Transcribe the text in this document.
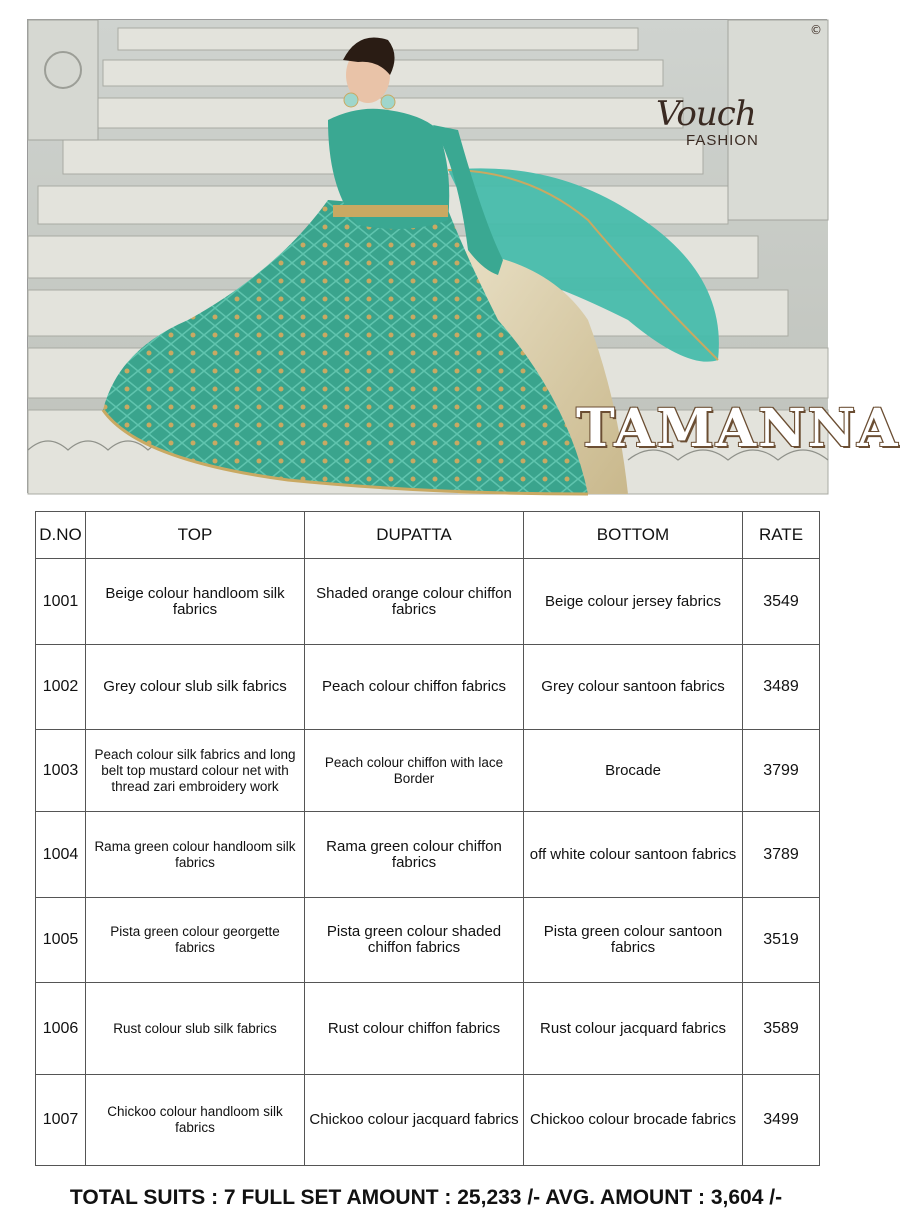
Vouch
FASHION
©
TAMANNA
D.NO	TOP	DUPATTA	BOTTOM	RATE
1001	Beige colour handloom silk fabrics	Shaded orange colour chiffon fabrics	Beige colour jersey fabrics	3549
1002	Grey colour slub silk fabrics	Peach colour chiffon fabrics	Grey colour santoon fabrics	3489
1003	Peach colour silk fabrics and long belt top mustard colour net with thread zari embroidery work	Peach colour chiffon with lace Border	Brocade	3799
1004	Rama green colour handloom silk fabrics	Rama green colour chiffon fabrics	off white colour santoon fabrics	3789
1005	Pista green colour georgette fabrics	Pista green colour shaded chiffon fabrics	Pista green colour santoon fabrics	3519
1006	Rust colour slub silk fabrics	Rust colour chiffon fabrics	Rust colour jacquard fabrics	3589
1007	Chickoo colour handloom silk fabrics	Chickoo colour jacquard fabrics	Chickoo colour brocade fabrics	3499
TOTAL SUITS : 7 FULL SET AMOUNT : 25,233 /- AVG. AMOUNT : 3,604 /-
